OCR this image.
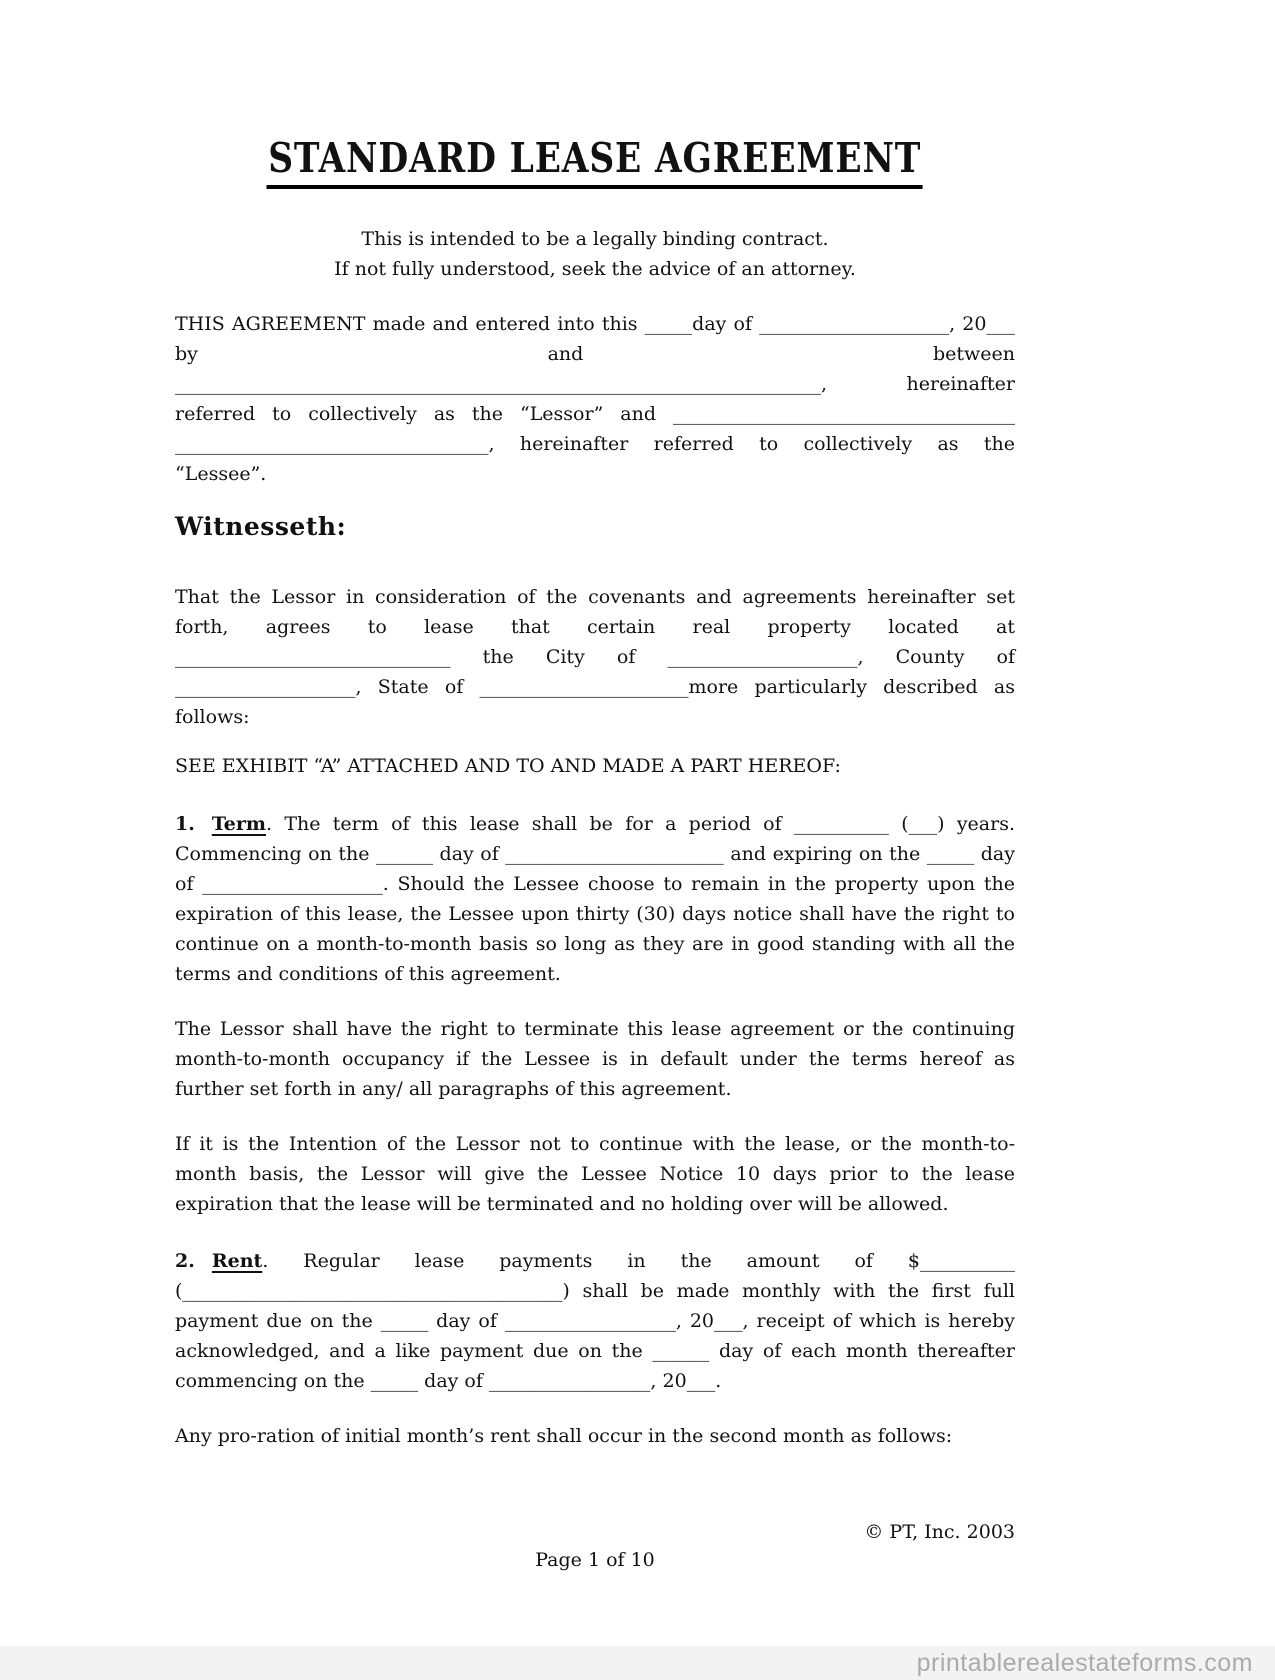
STANDARD LEASE AGREEMENT
This is intended to be a legally binding contract.
If not fully understood, seek the advice of an attorney.
THIS AGREEMENT made and entered into this _____day of ____________________, 20___
by and between
____________________________________________________________________, hereinafter
referred to collectively as the “Lessor” and ____________________________________
_________________________________, hereinafter referred to collectively as the
“Lessee”.
Witnesseth:
That the Lessor in consideration of the covenants and agreements hereinafter set forth, agrees to lease that certain real property located at _____________________________ the City of ____________________, County of ___________________, State of ______________________more particularly described as follows:
SEE EXHIBIT “A” ATTACHED AND TO AND MADE A PART HEREOF:
1. Term. The term of this lease shall be for a period of __________ (___) years. Commencing on the ______ day of _______________________ and expiring on the _____ day of ___________________. Should the Lessee choose to remain in the property upon the expiration of this lease, the Lessee upon thirty (30) days notice shall have the right to continue on a month-to-month basis so long as they are in good standing with all the terms and conditions of this agreement.
The Lessor shall have the right to terminate this lease agreement or the continuing month-to-month occupancy if the Lessee is in default under the terms hereof as further set forth in any/ all paragraphs of this agreement.
If it is the Intention of the Lessor not to continue with the lease, or the month-to-month basis, the Lessor will give the Lessee Notice 10 days prior to the lease expiration that the lease will be terminated and no holding over will be allowed.
2. Rent. Regular lease payments in the amount of $__________ (________________________________________) shall be made monthly with the first full payment due on the _____ day of __________________, 20___, receipt of which is hereby acknowledged, and a like payment due on the ______ day of each month thereafter commencing on the _____ day of _________________, 20___.
Any pro-ration of initial month’s rent shall occur in the second month as follows:
© PT, Inc. 2003
Page 1 of 10
printablerealestateforms.com
